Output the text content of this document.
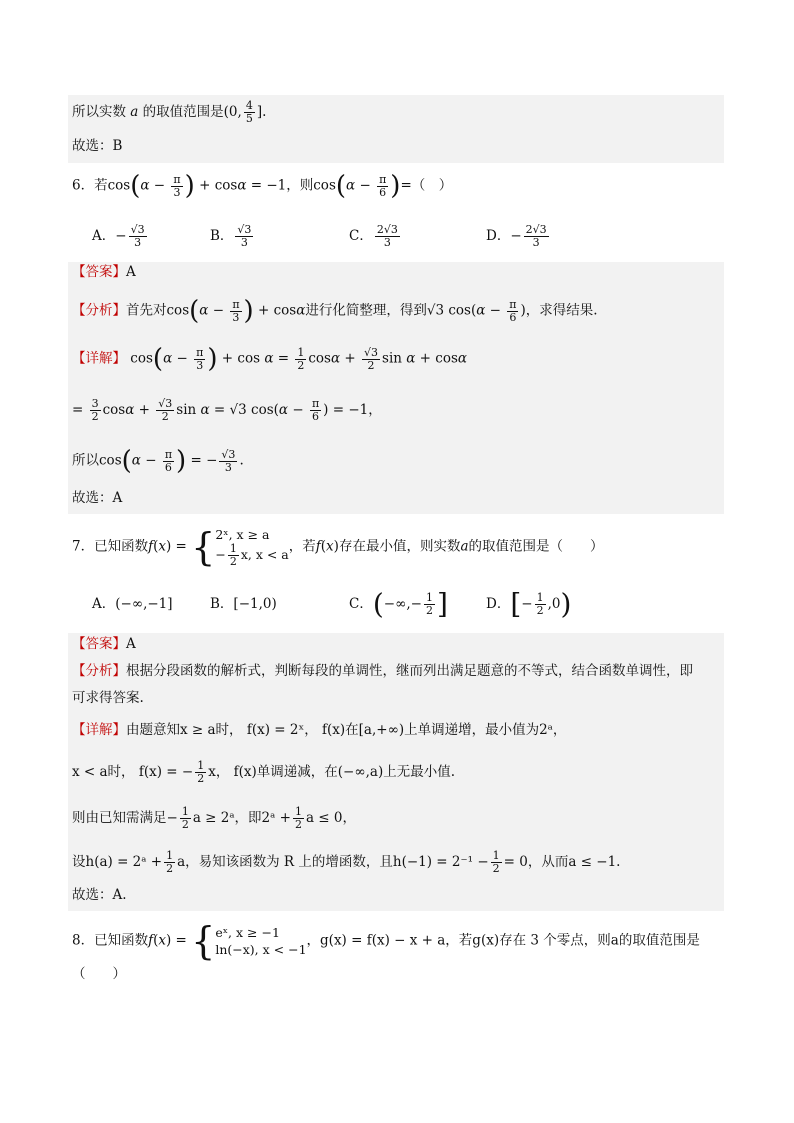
所以实数 a 的取值范围是(0, $\frac{4}{5}$ ].
故选：B
6．若$\cos(\alpha - \frac{\pi}{3}$ ) + cosα = −1，则$\cos(\alpha - \frac{\pi}{6}$ )=（　）
A．− $\frac{√3}{3}$	B． $\frac{√3}{3}$	C． $\frac{2√3}{3}$	D．− $\frac{2√3}{3}$
【答案】A
【分析】首先对$\cos(\alpha - \frac{\pi}{3}$ ) + cosα进行化简整理，得到√3 $\cos(\alpha - \frac{\pi}{6}$ )，求得结果.
【详解】 $\cos(\alpha - \frac{\pi}{3}$ ) + $\cos \alpha = \frac{1}{2}$ $\cos\alpha + \frac{√3}{2}$ sin α + cosα
= $\frac{3}{2}$ $\cos\alpha + \frac{√3}{2}$ sin α = √3 $\cos(\alpha - \frac{\pi}{6}$ ) = −1，
所以$\cos(\alpha - \frac{\pi}{6}$ ) = − $\frac{√3}{3}$ .
故选：A
7．已知函数f(x) = { 2ˣ, x ≥ a
− $\frac{1}{2} x$, x < a ，若f(x)存在最小值，则实数a的取值范围是（　　）
A．(−∞,−1]	B．[−1,0)	C．(−∞,− $\frac{1}{2}$ ]	D．[− $\frac{1}{2} ,0$)
【答案】A
【分析】根据分段函数的解析式，判断每段的单调性，继而列出满足题意的不等式，结合函数单调性，即
可求得答案.
【详解】由题意知x ≥ a时， f(x) = 2ˣ， f(x)在[a,+∞)上单调递增，最小值为2ᵃ，
x < a时， f(x) = − $\frac{1}{2}$ x， f(x)单调递减，在(−∞,a)上无最小值.
则由已知需满足− $\frac{1}{2}$ a ≥ 2ᵃ，即2ᵃ + $\frac{1}{2}$ a ≤ 0，
设h(a) = 2ᵃ + $\frac{1}{2}$ a，易知该函数为 R 上的增函数，且$h(-1) = 2^{-1} - \frac{1}{2} = 0$，从而a ≤ −1.
故选：A.
8．已知函数f(x) = { eˣ, x ≥ −1
ln(−x), x < −1
，g(x) = f(x) − x + a，若g(x)存在 3 个零点，则a的取值范围是
（　　）
